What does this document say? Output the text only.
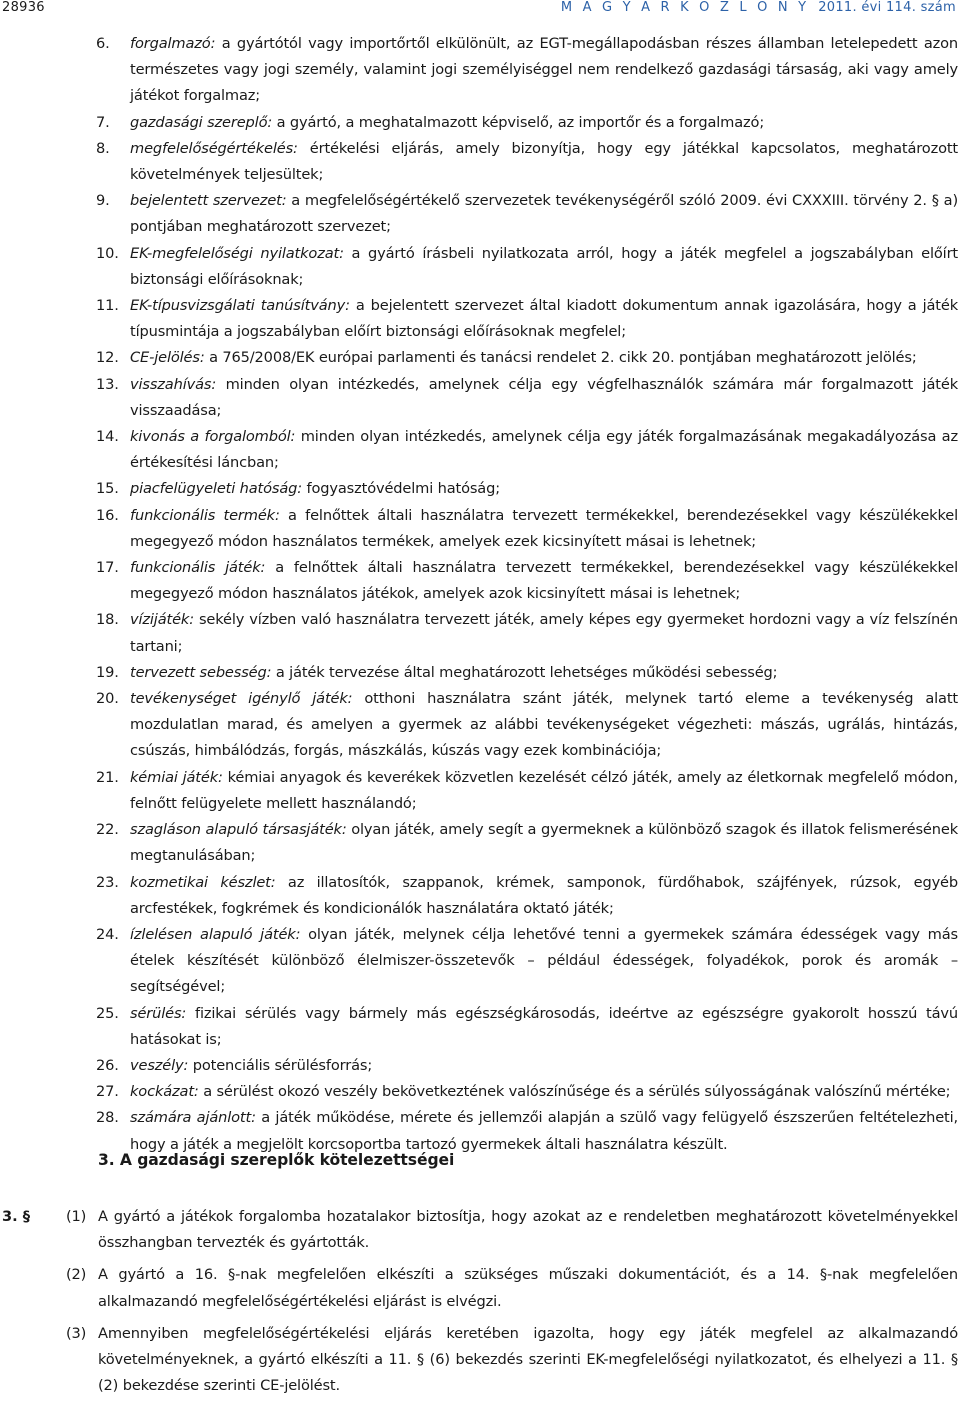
28936	M A G Y A R K Ö Z L Ö N Y 2011. évi 114. szám
6. forgalmazó: a gyártótól vagy importőrtől elkülönült, az EGT-megállapodásban részes államban letelepedett azon természetes vagy jogi személy, valamint jogi személyiséggel nem rendelkező gazdasági társaság, aki vagy amely játékot forgalmaz;
7. gazdasági szereplő: a gyártó, a meghatalmazott képviselő, az importőr és a forgalmazó;
8. megfelelőségértékelés: értékelési eljárás, amely bizonyítja, hogy egy játékkal kapcsolatos, meghatározott követelmények teljesültek;
9. bejelentett szervezet: a megfelelőségértékelő szervezetek tevékenységéről szóló 2009. évi CXXXIII. törvény 2. § a) pontjában meghatározott szervezet;
10. EK-megfelelőségi nyilatkozat: a gyártó írásbeli nyilatkozata arról, hogy a játék megfelel a jogszabályban előírt biztonsági előírásoknak;
11. EK-típusvizsgálati tanúsítvány: a bejelentett szervezet által kiadott dokumentum annak igazolására, hogy a játék típusmintája a jogszabályban előírt biztonsági előírásoknak megfelel;
12. CE-jelölés: a 765/2008/EK európai parlamenti és tanácsi rendelet 2. cikk 20. pontjában meghatározott jelölés;
13. visszahívás: minden olyan intézkedés, amelynek célja egy végfelhasználók számára már forgalmazott játék visszaadása;
14. kivonás a forgalomból: minden olyan intézkedés, amelynek célja egy játék forgalmazásának megakadályozása az értékesítési láncban;
15. piacfelügyeleti hatóság: fogyasztóvédelmi hatóság;
16. funkcionális termék: a felnőttek általi használatra tervezett termékekkel, berendezésekkel vagy készülékekkel megegyező módon használatos termékek, amelyek ezek kicsinyített másai is lehetnek;
17. funkcionális játék: a felnőttek általi használatra tervezett termékekkel, berendezésekkel vagy készülékekkel megegyező módon használatos játékok, amelyek azok kicsinyített másai is lehetnek;
18. vízijáték: sekély vízben való használatra tervezett játék, amely képes egy gyermeket hordozni vagy a víz felszínén tartani;
19. tervezett sebesség: a játék tervezése által meghatározott lehetséges működési sebesség;
20. tevékenységet igénylő játék: otthoni használatra szánt játék, melynek tartó eleme a tevékenység alatt mozdulatlan marad, és amelyen a gyermek az alábbi tevékenységeket végezheti: mászás, ugrálás, hintázás, csúszás, himbálódzás, forgás, mászkálás, kúszás vagy ezek kombinációja;
21. kémiai játék: kémiai anyagok és keverékek közvetlen kezelését célzó játék, amely az életkornak megfelelő módon, felnőtt felügyelete mellett használandó;
22. szagláson alapuló társasjáték: olyan játék, amely segít a gyermeknek a különböző szagok és illatok felismerésének megtanulásában;
23. kozmetikai készlet: az illatosítók, szappanok, krémek, samponok, fürdőhabok, szájfények, rúzsok, egyéb arcfestékek, fogkrémek és kondicionálók használatára oktató játék;
24. ízlelésen alapuló játék: olyan játék, melynek célja lehetővé tenni a gyermekek számára édességek vagy más ételek készítését különböző élelmiszer-összetevők – például édességek, folyadékok, porok és aromák – segítségével;
25. sérülés: fizikai sérülés vagy bármely más egészségkárosodás, ideértve az egészségre gyakorolt hosszú távú hatásokat is;
26. veszély: potenciális sérülésforrás;
27. kockázat: a sérülést okozó veszély bekövetkeztének valószínűsége és a sérülés súlyosságának valószínű mértéke;
28. számára ajánlott: a játék működése, mérete és jellemzői alapján a szülő vagy felügyelő észszerűen feltételezheti, hogy a játék a megjelölt korcsoportba tartozó gyermekek általi használatra készült.
3. A gazdasági szereplők kötelezettségei
3. § (1) A gyártó a játékok forgalomba hozatalakor biztosítja, hogy azokat az e rendeletben meghatározott követelményekkel összhangban tervezték és gyártották.
(2) A gyártó a 16. §-nak megfelelően elkészíti a szükséges műszaki dokumentációt, és a 14. §-nak megfelelően alkalmazandó megfelelőségértékelési eljárást is elvégzi.
(3) Amennyiben megfelelőségértékelési eljárás keretében igazolta, hogy egy játék megfelel az alkalmazandó követelményeknek, a gyártó elkészíti a 11. § (6) bekezdés szerinti EK-megfelelőségi nyilatkozatot, és elhelyezi a 11. § (2) bekezdése szerinti CE-jelölést.
